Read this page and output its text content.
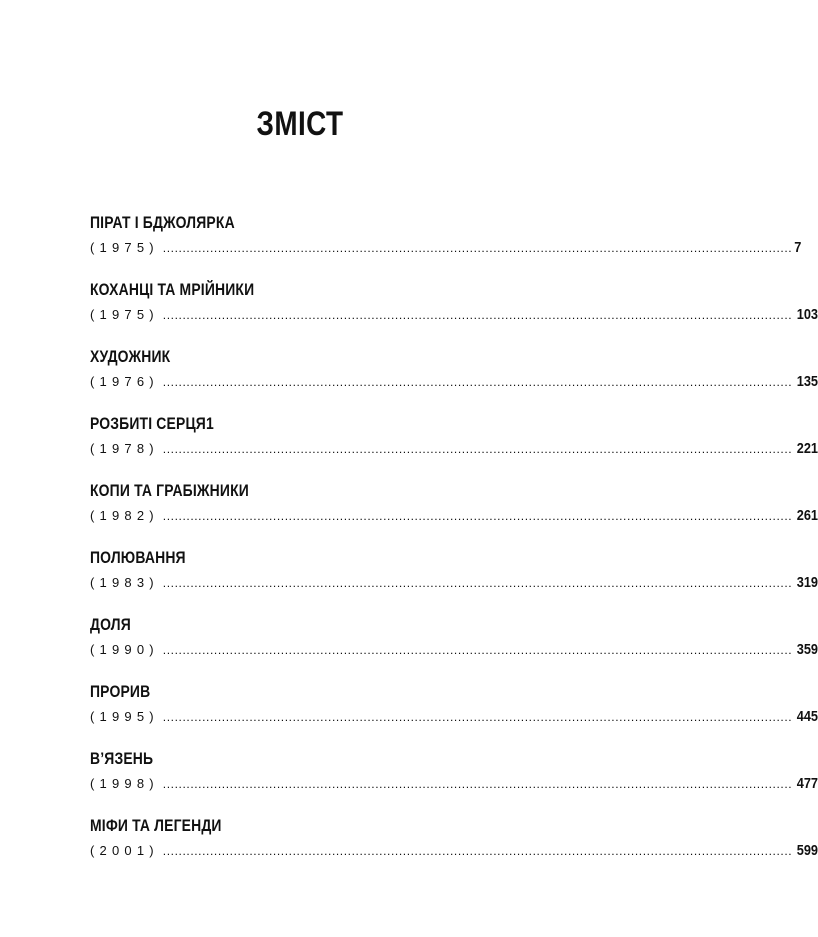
ЗМІСТ
ПІРАТ І БДЖОЛЯРКА
(1975) ................................................................................................................................................................ 7
КОХАНЦІ ТА МРІЙНИКИ
(1975) ................................................................................................................................................................ 103
ХУДОЖНИК
(1976) ................................................................................................................................................................ 135
РОЗБИТІ СЕРЦЯ1
(1978) ................................................................................................................................................................ 221
КОПИ ТА ГРАБІЖНИКИ
(1982) ................................................................................................................................................................ 261
ПОЛЮВАННЯ
(1983) ................................................................................................................................................................ 319
ДОЛЯ
(1990) ................................................................................................................................................................ 359
ПРОРИВ
(1995) ................................................................................................................................................................ 445
В’ЯЗЕНЬ
(1998) ................................................................................................................................................................ 477
МІФИ ТА ЛЕГЕНДИ
(2001) ................................................................................................................................................................ 599
